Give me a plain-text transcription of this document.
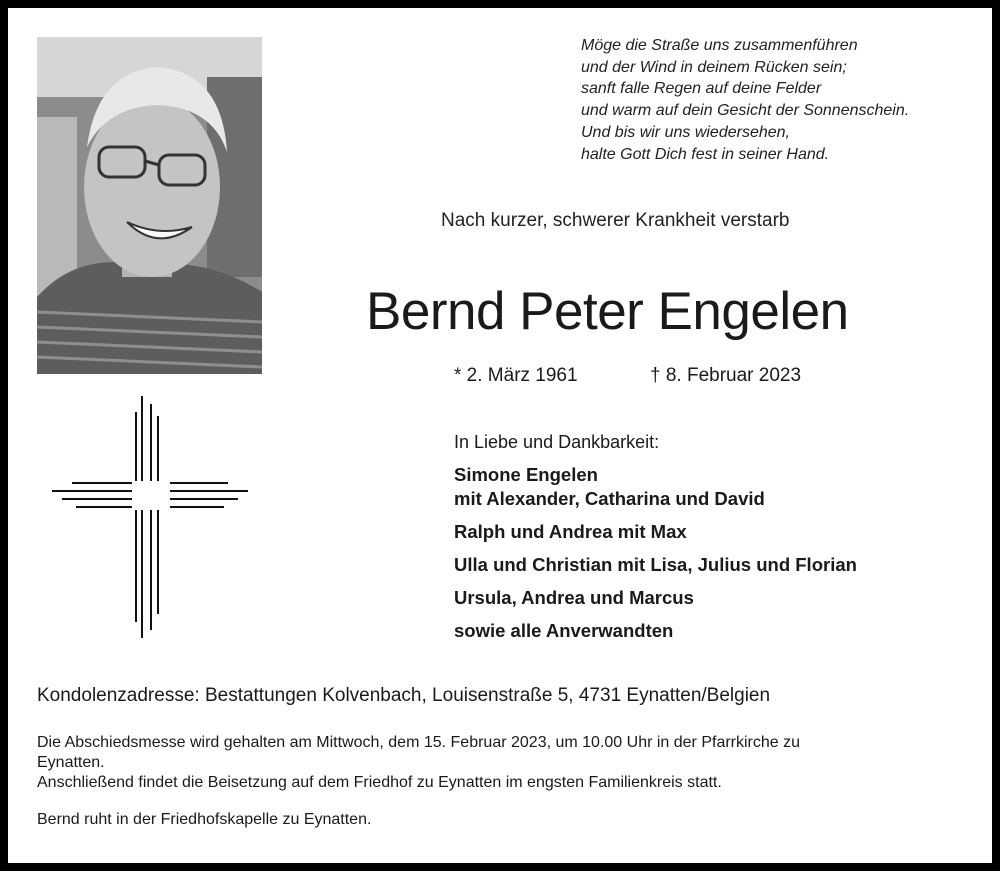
Möge die Straße uns zusammenführen
und der Wind in deinem Rücken sein;
sanft falle Regen auf deine Felder
und warm auf dein Gesicht der Sonnenschein.
Und bis wir uns wiedersehen,
halte Gott Dich fest in seiner Hand.
Nach kurzer, schwerer Krankheit verstarb
Bernd Peter Engelen
* 2. März 1961	† 8. Februar 2023
In Liebe und Dankbarkeit:
Simone Engelen
mit Alexander, Catharina und David
Ralph und Andrea mit Max
Ulla und Christian mit Lisa, Julius und Florian
Ursula, Andrea und Marcus
sowie alle Anverwandten
Kondolenzadresse: Bestattungen Kolvenbach, Louisenstraße 5, 4731 Eynatten/Belgien
Die Abschiedsmesse wird gehalten am Mittwoch, dem 15. Februar 2023, um 10.00 Uhr in der Pfarrkirche zu
Eynatten.
Anschließend findet die Beisetzung auf dem Friedhof zu Eynatten im engsten Familienkreis statt.
Bernd ruht in der Friedhofskapelle zu Eynatten.
